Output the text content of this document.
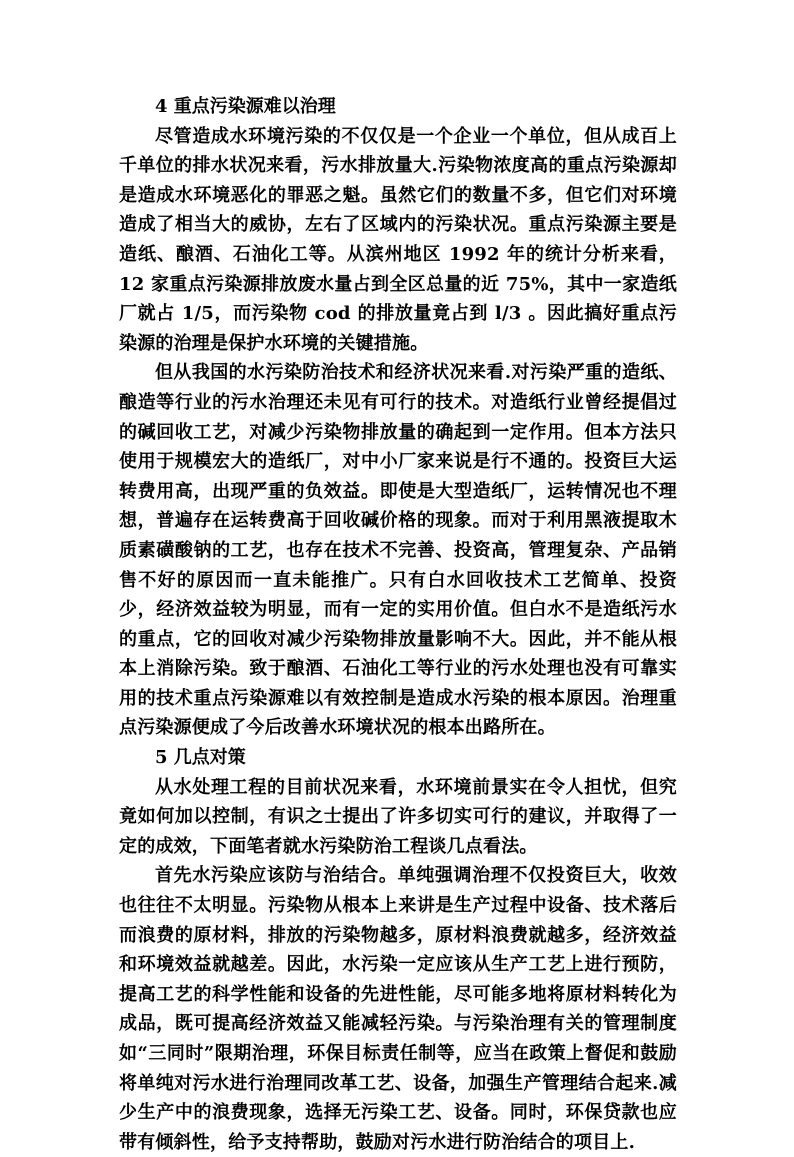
4 重点污染源难以治理

尽管造成水环境污染的不仅仅是一个企业一个单位，但从成百上千单位的排水状况来看，污水排放量大.污染物浓度高的重点污染源却是造成水环境恶化的罪恶之魁。虽然它们的数量不多，但它们对环境造成了相当大的威协，左右了区域内的污染状况。重点污染源主要是造纸、酿酒、石油化工等。从滨州地区 1992 年的统计分析来看，12 家重点污染源排放废水量占到全区总量的近 75%，其中一家造纸厂就占 1/5，而污染物 cod 的排放量竟占到 l/3 。因此搞好重点污染源的治理是保护水环境的关键措施。

但从我国的水污染防治技术和经济状况来看.对污染严重的造纸、酿造等行业的污水治理还未见有可行的技术。对造纸行业曾经提倡过的碱回收工艺，对减少污染物排放量的确起到一定作用。但本方法只使用于规模宏大的造纸厂，对中小厂家来说是行不通的。投资巨大运转费用高，出现严重的负效益。即使是大型造纸厂，运转情况也不理想，普遍存在运转费高于回收碱价格的现象。而对于利用黑液提取木质素磺酸钠的工艺，也存在技术不完善、投资高，管理复杂、产品销售不好的原因而一直未能推广。只有白水回收技术工艺简单、投资少，经济效益较为明显，而有一定的实用价值。但白水不是造纸污水的重点，它的回收对减少污染物排放量影响不大。因此，并不能从根本上消除污染。致于酿酒、石油化工等行业的污水处理也没有可靠实用的技术重点污染源难以有效控制是造成水污染的根本原因。治理重点污染源便成了今后改善水环境状况的根本出路所在。

5 几点对策

从水处理工程的目前状况来看，水环境前景实在令人担忧，但究竟如何加以控制，有识之士提出了许多切实可行的建议，并取得了一定的成效，下面笔者就水污染防治工程谈几点看法。

首先水污染应该防与治结合。单纯强调治理不仅投资巨大，收效也往往不太明显。污染物从根本上来讲是生产过程中设备、技术落后而浪费的原材料，排放的污染物越多，原材料浪费就越多，经济效益和环境效益就越差。因此，水污染一定应该从生产工艺上进行预防，提高工艺的科学性能和设备的先进性能，尽可能多地将原材料转化为成品，既可提高经济效益又能减轻污染。与污染治理有关的管理制度如“三同时”限期治理，环保目标责任制等，应当在政策上督促和鼓励将单纯对污水进行治理同改革工艺、设备，加强生产管理结合起来.减少生产中的浪费现象，选择无污染工艺、设备。同时，环保贷款也应带有倾斜性，给予支持帮助，鼓励对污水进行防治结合的项目上.
